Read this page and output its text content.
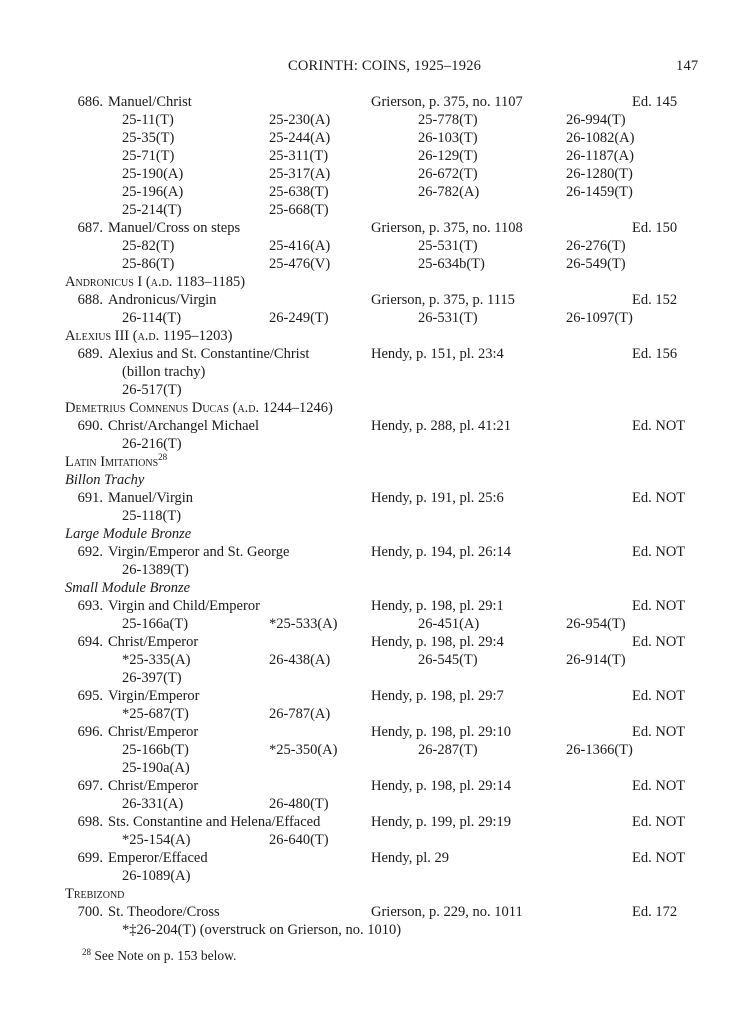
CORINTH: COINS, 1925–1926	147
686. Manuel/Christ	Grierson, p. 375, no. 1107	Ed. 145
25-11(T)	25-230(A)	25-778(T)	26-994(T)
25-35(T)	25-244(A)	26-103(T)	26-1082(A)
25-71(T)	25-311(T)	26-129(T)	26-1187(A)
25-190(A)	25-317(A)	26-672(T)	26-1280(T)
25-196(A)	25-638(T)	26-782(A)	26-1459(T)
25-214(T)	25-668(T)
687. Manuel/Cross on steps	Grierson, p. 375, no. 1108	Ed. 150
25-82(T)	25-416(A)	25-531(T)	26-276(T)
25-86(T)	25-476(V)	25-634b(T)	26-549(T)
Andronicus I (a.d. 1183–1185)
688. Andronicus/Virgin	Grierson, p. 375, p. 1115	Ed. 152
26-114(T)	26-249(T)	26-531(T)	26-1097(T)
Alexius III (a.d. 1195–1203)
689. Alexius and St. Constantine/Christ	Hendy, p. 151, pl. 23:4	Ed. 156
(billon trachy)
26-517(T)
Demetrius Comnenus Ducas (a.d. 1244–1246)
690. Christ/Archangel Michael	Hendy, p. 288, pl. 41:21	Ed. NOT
26-216(T)
Latin Imitations$^{28}$
Billon Trachy
691. Manuel/Virgin	Hendy, p. 191, pl. 25:6	Ed. NOT
25-118(T)
Large Module Bronze
692. Virgin/Emperor and St. George	Hendy, p. 194, pl. 26:14	Ed. NOT
26-1389(T)
Small Module Bronze
693. Virgin and Child/Emperor	Hendy, p. 198, pl. 29:1	Ed. NOT
25-166a(T)	*25-533(A)	26-451(A)	26-954(T)
694. Christ/Emperor	Hendy, p. 198, pl. 29:4	Ed. NOT
*25-335(A)	26-438(A)	26-545(T)	26-914(T)
26-397(T)
695. Virgin/Emperor	Hendy, p. 198, pl. 29:7	Ed. NOT
*25-687(T)	26-787(A)
696. Christ/Emperor	Hendy, p. 198, pl. 29:10	Ed. NOT
25-166b(T)	*25-350(A)	26-287(T)	26-1366(T)
25-190a(A)
697. Christ/Emperor	Hendy, p. 198, pl. 29:14	Ed. NOT
26-331(A)	26-480(T)
698. Sts. Constantine and Helena/Effaced	Hendy, p. 199, pl. 29:19	Ed. NOT
*25-154(A)	26-640(T)
699. Emperor/Effaced	Hendy, pl. 29	Ed. NOT
26-1089(A)
Trebizond
700. St. Theodore/Cross	Grierson, p. 229, no. 1011	Ed. 172
*‡26-204(T) (overstruck on Grierson, no. 1010)
$^{28}$ See Note on p. 153 below.
